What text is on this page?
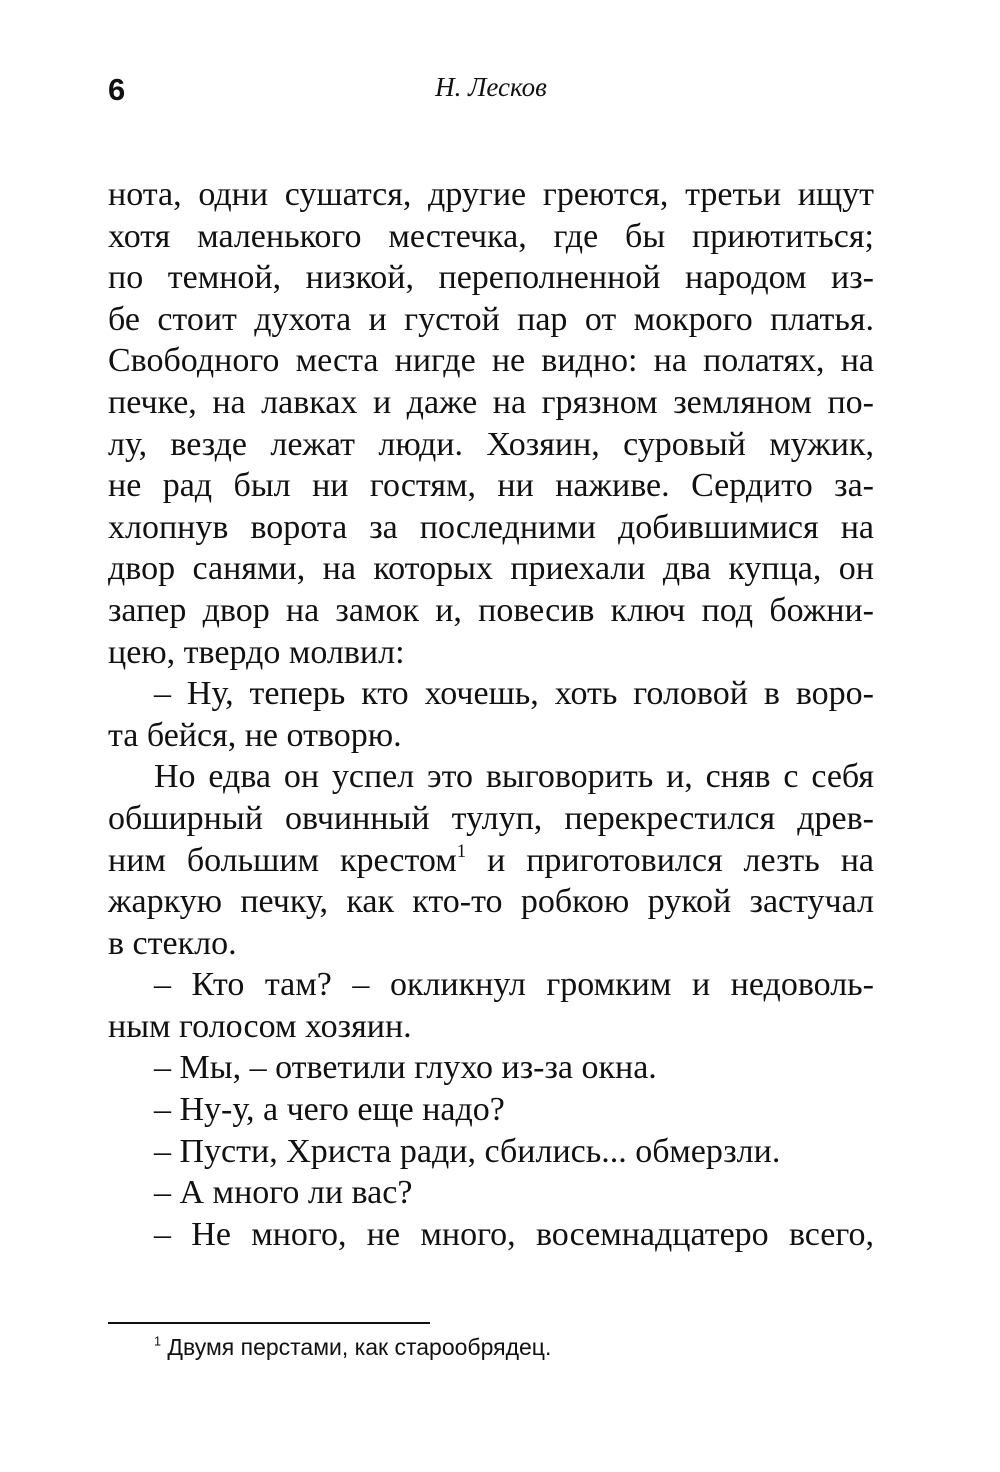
6	Н. Лесков
нота, одни сушатся, другие греются, третьи ищут
хотя маленького местечка, где бы приютиться;
по темной, низкой, переполненной народом из-
бе стоит духота и густой пар от мокрого платья.
Свободного места нигде не видно: на полатях, на
печке, на лавках и даже на грязном земляном по-
лу, везде лежат люди. Хозяин, суровый мужик,
не рад был ни гостям, ни наживе. Сердито за-
хлопнув ворота за последними добившимися на
двор санями, на которых приехали два купца, он
запер двор на замок и, повесив ключ под божни-
цею, твердо молвил:
– Ну, теперь кто хочешь, хоть головой в воро-
та бейся, не отворю.
Но едва он успел это выговорить и, сняв с себя
обширный овчинный тулуп, перекрестился древ-
ним большим крестом$^1$ и приготовился лезть на
жаркую печку, как кто-то робкою рукой застучал
в стекло.
– Кто там? – окликнул громким и недоволь-
ным голосом хозяин.
– Мы, – ответили глухо из-за окна.
– Ну-у, а чего еще надо?
– Пусти, Христа ради, сбились... обмерзли.
– А много ли вас?
– Не много, не много, восемнадцатеро всего,
$^1$ Двумя перстами, как старообрядец.
